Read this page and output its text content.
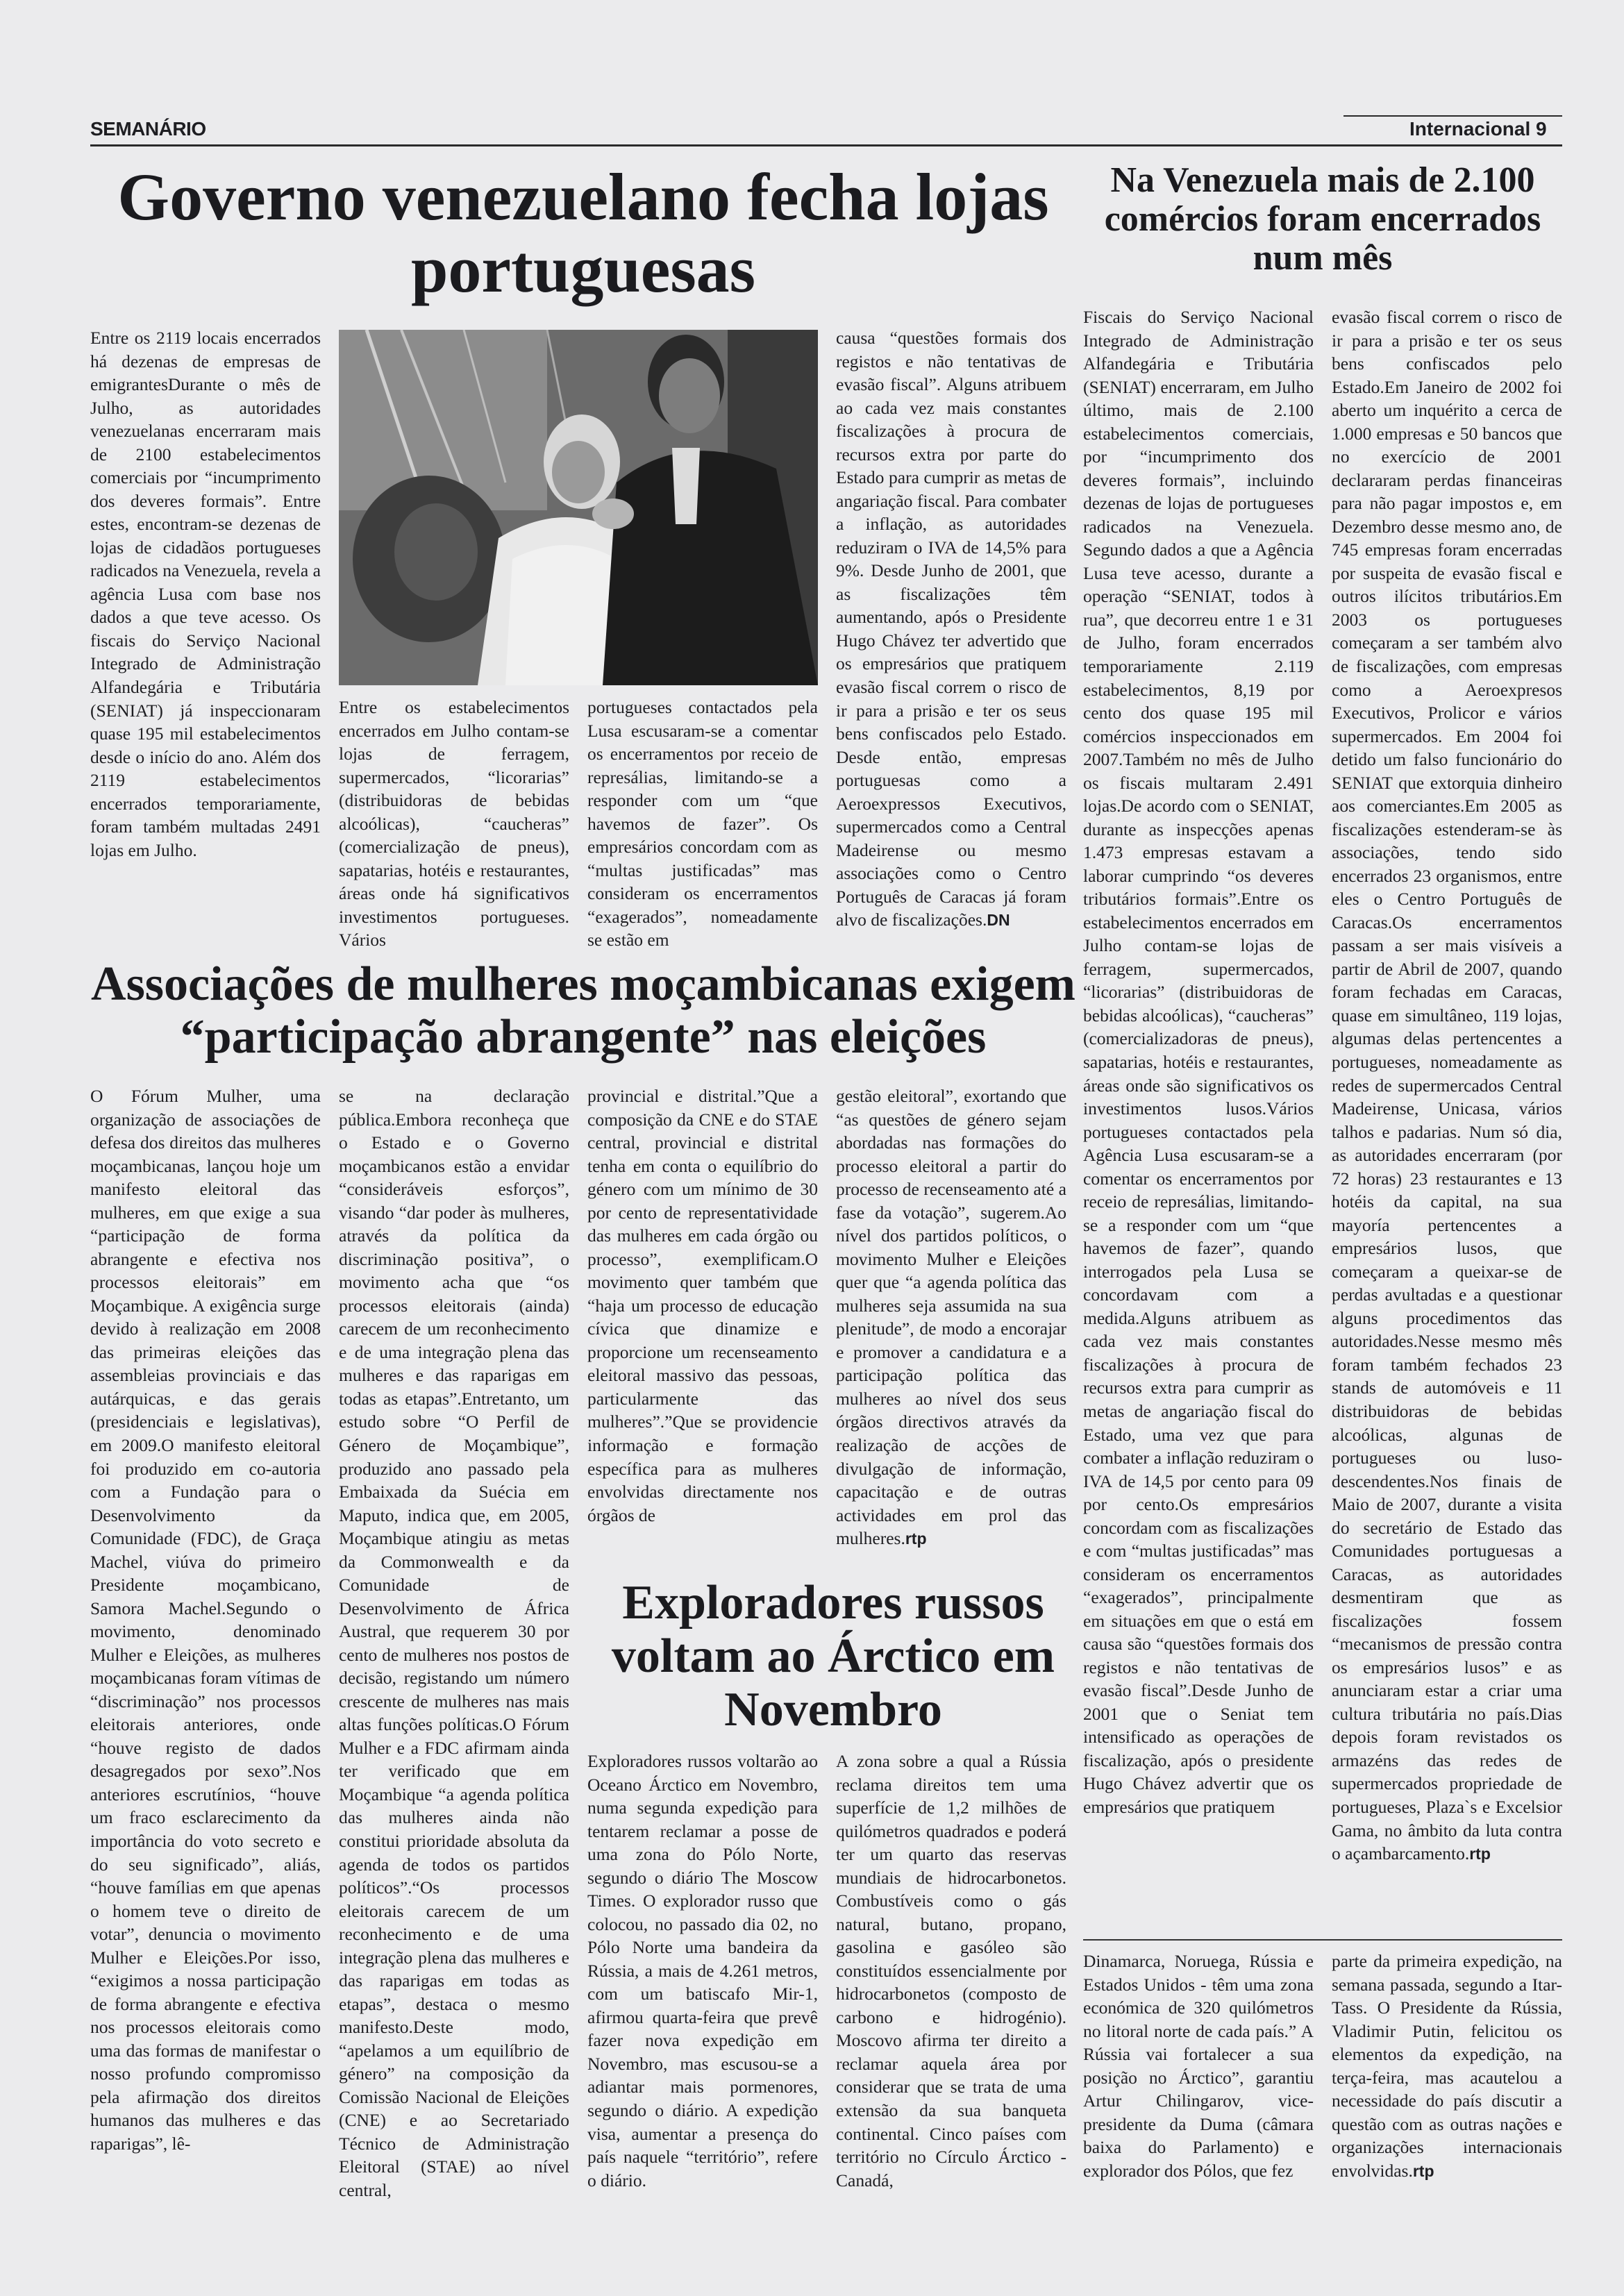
SEMANÁRIO	Internacional 9
Governo venezuelano fecha lojas portuguesas

Entre os 2119 locais encerrados há dezenas de empresas de emigrantesDurante o mês de Julho, as autoridades venezuelanas encerraram mais de 2100 estabelecimentos comerciais por “incumprimento dos deveres formais”. Entre estes, encontram-se dezenas de lojas de cidadãos portugueses radicados na Venezuela, revela a agência Lusa com base nos dados a que teve acesso. Os fiscais do Serviço Nacional Integrado de Administração Alfandegária e Tributária (SENIAT) já inspeccionaram quase 195 mil estabelecimentos desde o início do ano. Além dos 2119 estabelecimentos encerrados temporariamente, foram também multadas 2491 lojas em Julho.

Entre os estabelecimentos encerrados em Julho contam-se lojas de ferragem, supermercados, “licorarias” (distribuidoras de bebidas alcoólicas), “caucheras” (comercialização de pneus), sapatarias, hotéis e restaurantes, áreas onde há significativos investimentos portugueses. Vários

portugueses contactados pela Lusa escusaram-se a comentar os encerramentos por receio de represálias, limitando-se a responder com um “que havemos de fazer”. Os empresários concordam com as “multas justificadas” mas consideram os encerramentos “exagerados”, nomeadamente se estão em

causa “questões formais dos registos e não tentativas de evasão fiscal”. Alguns atribuem ao cada vez mais constantes fiscalizações à procura de recursos extra por parte do Estado para cumprir as metas de angariação fiscal. Para combater a inflação, as autoridades reduziram o IVA de 14,5% para 9%. Desde Junho de 2001, que as fiscalizações têm aumentando, após o Presidente Hugo Chávez ter advertido que os empresários que pratiquem evasão fiscal correm o risco de ir para a prisão e ter os seus bens confiscados pelo Estado. Desde então, empresas portuguesas como a Aeroexpressos Executivos, supermercados como a Central Madeirense ou mesmo associações como o Centro Português de Caracas já foram alvo de fiscalizações.DN

Na Venezuela mais de 2.100 comércios foram encerrados num mês

Fiscais do Serviço Nacional Integrado de Administração Alfandegária e Tributária (SENIAT) encerraram, em Julho último, mais de 2.100 estabelecimentos comerciais, por “incumprimento dos deveres formais”, incluindo dezenas de lojas de portugueses radicados na Venezuela. Segundo dados a que a Agência Lusa teve acesso, durante a operação “SENIAT, todos à rua”, que decorreu entre 1 e 31 de Julho, foram encerrados temporariamente 2.119 estabelecimentos, 8,19 por cento dos quase 195 mil comércios inspeccionados em 2007.Também no mês de Julho os fiscais multaram 2.491 lojas.De acordo com o SENIAT, durante as inspecções apenas 1.473 empresas estavam a laborar cumprindo “os deveres tributários formais”.Entre os estabelecimentos encerrados em Julho contam-se lojas de ferragem, supermercados, “licorarias” (distribuidoras de bebidas alcoólicas), “caucheras” (comercializadoras de pneus), sapatarias, hotéis e restaurantes, áreas onde são significativos os investimentos lusos.Vários portugueses contactados pela Agência Lusa escusaram-se a comentar os encerramentos por receio de represálias, limitando-se a responder com um “que havemos de fazer”, quando interrogados pela Lusa se concordavam com a medida.Alguns atribuem as cada vez mais constantes fiscalizações à procura de recursos extra para cumprir as metas de angariação fiscal do Estado, uma vez que para combater a inflação reduziram o IVA de 14,5 por cento para 09 por cento.Os empresários concordam com as fiscalizações e com “multas justificadas” mas consideram os encerramentos “exagerados”, principalmente em situações em que o está em causa são “questões formais dos registos e não tentativas de evasão fiscal”.Desde Junho de 2001 que o Seniat tem intensificado as operações de fiscalização, após o presidente Hugo Chávez advertir que os empresários que pratiquem

evasão fiscal correm o risco de ir para a prisão e ter os seus bens confiscados pelo Estado.Em Janeiro de 2002 foi aberto um inquérito a cerca de 1.000 empresas e 50 bancos que no exercício de 2001 declararam perdas financeiras para não pagar impostos e, em Dezembro desse mesmo ano, de 745 empresas foram encerradas por suspeita de evasão fiscal e outros ilícitos tributários.Em 2003 os portugueses começaram a ser também alvo de fiscalizações, com empresas como a Aeroexpresos Executivos, Prolicor e vários supermercados. Em 2004 foi detido um falso funcionário do SENIAT que extorquia dinheiro aos comerciantes.Em 2005 as fiscalizações estenderam-se às associações, tendo sido encerrados 23 organismos, entre eles o Centro Português de Caracas.Os encerramentos passam a ser mais visíveis a partir de Abril de 2007, quando foram fechadas em Caracas, quase em simultâneo, 119 lojas, algumas delas pertencentes a portugueses, nomeadamente as redes de supermercados Central Madeirense, Unicasa, vários talhos e padarias. Num só dia, as autoridades encerraram (por 72 horas) 23 restaurantes e 13 hotéis da capital, na sua mayoría pertencentes a empresários lusos, que começaram a queixar-se de perdas avultadas e a questionar alguns procedimentos das autoridades.Nesse mesmo mês foram também fechados 23 stands de automóveis e 11 distribuidoras de bebidas alcoólicas, algunas de portugueses ou luso-descendentes.Nos finais de Maio de 2007, durante a visita do secretário de Estado das Comunidades portuguesas a Caracas, as autoridades desmentiram que as fiscalizações fossem “mecanismos de pressão contra os empresários lusos” e as anunciaram estar a criar uma cultura tributária no país.Dias depois foram revistados os armazéns das redes de supermercados propriedade de portugueses, Plaza`s e Excelsior Gama, no âmbito da luta contra o açambarcamento.rtp

Associações de mulheres moçambicanas exigem “participação abrangente” nas eleições

O Fórum Mulher, uma organização de associações de defesa dos direitos das mulheres moçambicanas, lançou hoje um manifesto eleitoral das mulheres, em que exige a sua “participação de forma abrangente e efectiva nos processos eleitorais” em Moçambique. A exigência surge devido à realização em 2008 das primeiras eleições das assembleias provinciais e das autárquicas, e das gerais (presidenciais e legislativas), em 2009.O manifesto eleitoral foi produzido em co-autoria com a Fundação para o Desenvolvimento da Comunidade (FDC), de Graça Machel, viúva do primeiro Presidente moçambicano, Samora Machel.Segundo o movimento, denominado Mulher e Eleições, as mulheres moçambicanas foram vítimas de “discriminação” nos processos eleitorais anteriores, onde “houve registo de dados desagregados por sexo”.Nos anteriores escrutínios, “houve um fraco esclarecimento da importância do voto secreto e do seu significado”, aliás, “houve famílias em que apenas o homem teve o direito de votar”, denuncia o movimento Mulher e Eleições.Por isso, “exigimos a nossa participação de forma abrangente e efectiva nos processos eleitorais como uma das formas de manifestar o nosso profundo compromisso pela afirmação dos direitos humanos das mulheres e das raparigas”, lê-

se na declaração pública.Embora reconheça que o Estado e o Governo moçambicanos estão a envidar “consideráveis esforços”, visando “dar poder às mulheres, através da política da discriminação positiva”, o movimento acha que “os processos eleitorais (ainda) carecem de um reconhecimento e de uma integração plena das mulheres e das raparigas em todas as etapas”.Entretanto, um estudo sobre “O Perfil de Género de Moçambique”, produzido ano passado pela Embaixada da Suécia em Maputo, indica que, em 2005, Moçambique atingiu as metas da Commonwealth e da Comunidade de Desenvolvimento de África Austral, que requerem 30 por cento de mulheres nos postos de decisão, registando um número crescente de mulheres nas mais altas funções políticas.O Fórum Mulher e a FDC afirmam ainda ter verificado que em Moçambique “a agenda política das mulheres ainda não constitui prioridade absoluta da agenda de todos os partidos políticos”.“Os processos eleitorais carecem de um reconhecimento e de uma integração plena das mulheres e das raparigas em todas as etapas”, destaca o mesmo manifesto.Deste modo, “apelamos a um equilíbrio de género” na composição da Comissão Nacional de Eleições (CNE) e ao Secretariado Técnico de Administração Eleitoral (STAE) ao nível central,

provincial e distrital.”Que a composição da CNE e do STAE central, provincial e distrital tenha em conta o equilíbrio do género com um mínimo de 30 por cento de representatividade das mulheres em cada órgão ou processo”, exemplificam.O movimento quer também que “haja um processo de educação cívica que dinamize e proporcione um recenseamento eleitoral massivo das pessoas, particularmente das mulheres”.”Que se providencie informação e formação específica para as mulheres envolvidas directamente nos órgãos de

gestão eleitoral”, exortando que “as questões de género sejam abordadas nas formações do processo eleitoral a partir do processo de recenseamento até a fase da votação”, sugerem.Ao nível dos partidos políticos, o movimento Mulher e Eleições quer que “a agenda política das mulheres seja assumida na sua plenitude”, de modo a encorajar e promover a candidatura e a participação política das mulheres ao nível dos seus órgãos directivos através da realização de acções de divulgação de informação, capacitação e de outras actividades em prol das mulheres.rtp

Exploradores russos voltam ao Árctico em Novembro

Exploradores russos voltarão ao Oceano Árctico em Novembro, numa segunda expedição para tentarem reclamar a posse de uma zona do Pólo Norte, segundo o diário The Moscow Times. O explorador russo que colocou, no passado dia 02, no Pólo Norte uma bandeira da Rússia, a mais de 4.261 metros, com um batiscafo Mir-1, afirmou quarta-feira que prevê fazer nova expedição em Novembro, mas escusou-se a adiantar mais pormenores, segundo o diário. A expedição visa, aumentar a presença do país naquele “território”, refere o diário.

A zona sobre a qual a Rússia reclama direitos tem uma superfície de 1,2 milhões de quilómetros quadrados e poderá ter um quarto das reservas mundiais de hidrocarbonetos. Combustíveis como o gás natural, butano, propano, gasolina e gasóleo são constituídos essencialmente por hidrocarbonetos (composto de carbono e hidrogénio). Moscovo afirma ter direito a reclamar aquela área por considerar que se trata de uma extensão da sua banqueta continental. Cinco países com território no Círculo Árctico - Canadá,

Dinamarca, Noruega, Rússia e Estados Unidos - têm uma zona económica de 320 quilómetros no litoral norte de cada país.” A Rússia vai fortalecer a sua posição no Árctico”, garantiu Artur Chilingarov, vice-presidente da Duma (câmara baixa do Parlamento) e explorador dos Pólos, que fez

parte da primeira expedição, na semana passada, segundo a Itar-Tass. O Presidente da Rússia, Vladimir Putin, felicitou os elementos da expedição, na terça-feira, mas acautelou a necessidade do país discutir a questão com as outras nações e organizações internacionais envolvidas.rtp
